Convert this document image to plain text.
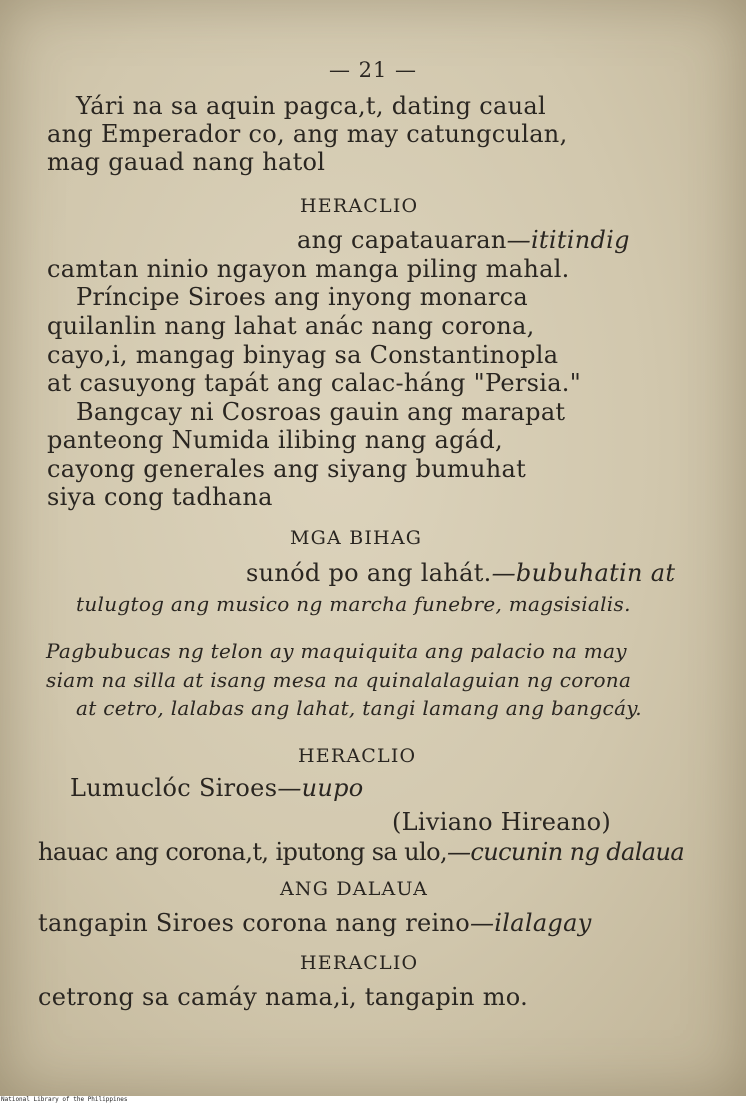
— 21 —
Yári na sa aquin pagca,t, dating caual
ang Emperador co, ang may catungculan,
mag gauad nang hatol
HERACLIO
ang capatauaran—ititindig
camtan ninio ngayon manga piling mahal.
Príncipe Siroes ang inyong monarca
quilanlin nang lahat anác nang corona,
cayo,i, mangag binyag sa Constantinopla
at casuyong tapát ang calac-háng "Persia."
Bangcay ni Cosroas gauin ang marapat
panteong Numida ilibing nang agád,
cayong generales ang siyang bumuhat
siya cong tadhana
MGA BIHAG
sunód po ang lahát.—bubuhatin at
tulugtog ang musico ng marcha funebre, magsisialis.
Pagbubucas ng telon ay maquiquita ang palacio na may
siam na silla at isang mesa na quinalalaguian ng corona
at cetro, lalabas ang lahat, tangi lamang ang bangcáy.
HERACLIO
Lumuclóc Siroes—uupo
(Liviano Hireano)
hauac ang corona,t, iputong sa ulo,—cucunin ng dalaua
ANG DALAUA
tangapin Siroes corona nang reino—ilalagay
HERACLIO
cetrong sa camáy nama,i, tangapin mo.
National Library of the Philippines
